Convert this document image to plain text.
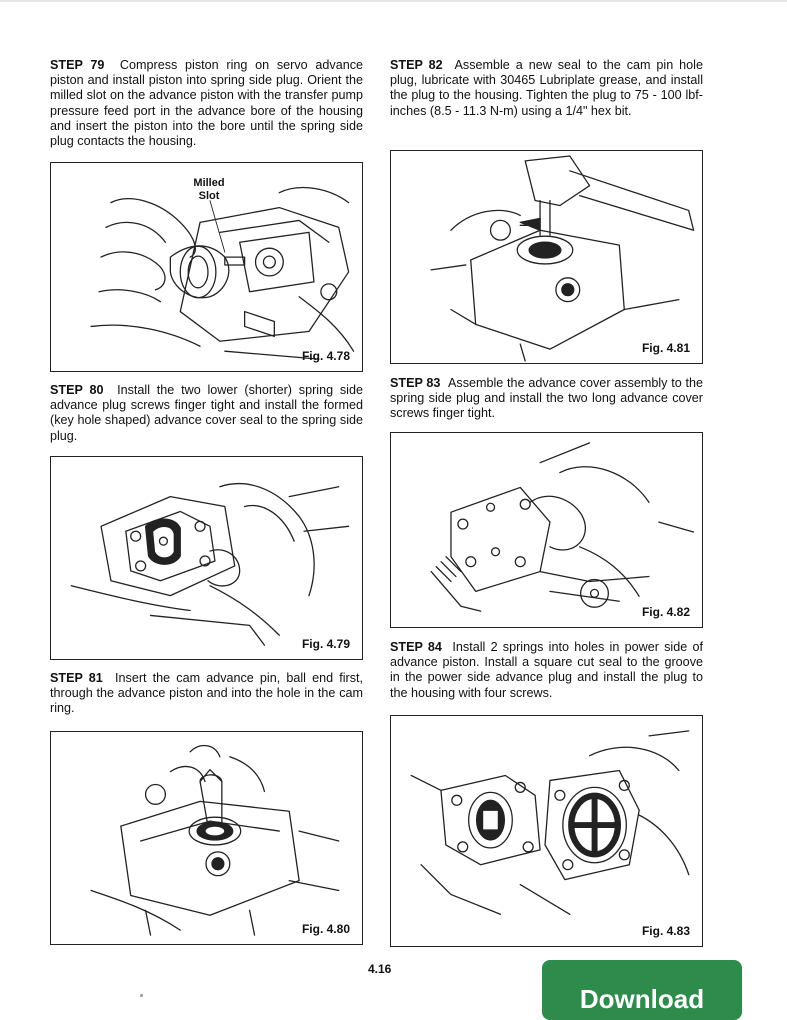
STEP 79 Compress piston ring on servo advance piston and install piston into spring side plug. Orient the milled slot on the advance piston with the transfer pump pressure feed port in the advance bore of the housing and insert the piston into the bore until the spring side plug contacts the housing.

Milled
Slot
Fig. 4.78

STEP 80 Install the two lower (shorter) spring side advance plug screws finger tight and install the formed (key hole shaped) advance cover seal to the spring side plug.

Fig. 4.79

STEP 81 Insert the cam advance pin, ball end first, through the advance piston and into the hole in the cam ring.

Fig. 4.80

STEP 82 Assemble a new seal to the cam pin hole plug, lubricate with 30465 Lubriplate grease, and install the plug to the housing. Tighten the plug to 75 - 100 lbf-inches (8.5 - 11.3 N-m) using a 1/4" hex bit.

Fig. 4.81

STEP 83 Assemble the advance cover assembly to the spring side plug and install the two long advance cover screws finger tight.

Fig. 4.82

STEP 84 Install 2 springs into holes in power side of advance piston. Install a square cut seal to the groove in the power side advance plug and install the plug to the housing with four screws.

Fig. 4.83
4.16
Download
